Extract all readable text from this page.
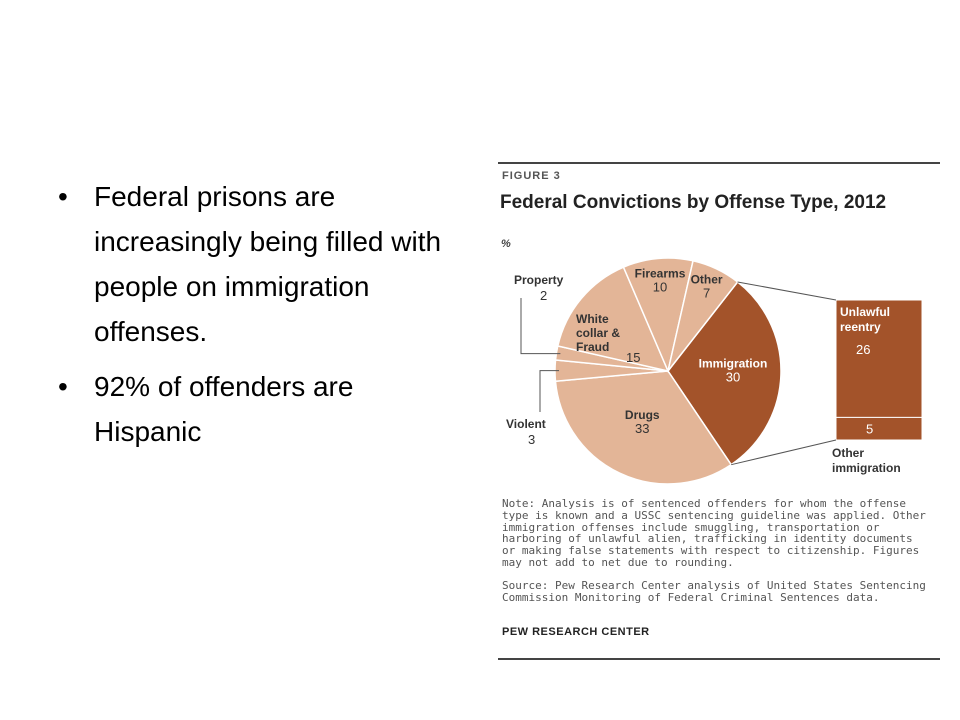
• Federal prisons are increasingly being filled with people on immigration offenses.
• 92% of offenders are Hispanic
FIGURE 3
Federal Convictions by Offense Type, 2012
%
Immigration
30
Drugs
33
Firearms
10 Other
7
White
collar &
Fraud
15
Property
2
Violent
3
Unlawful
reentry
26
5
Other
immigration
Note: Analysis is of sentenced offenders for whom the offense type is known and a USSC sentencing guideline was applied. Other immigration offenses include smuggling, transportation or harboring of unlawful alien, trafficking in identity documents or making false statements with respect to citizenship. Figures may not add to net due to rounding.
Source: Pew Research Center analysis of United States Sentencing Commission Monitoring of Federal Criminal Sentences data.
PEW RESEARCH CENTER
